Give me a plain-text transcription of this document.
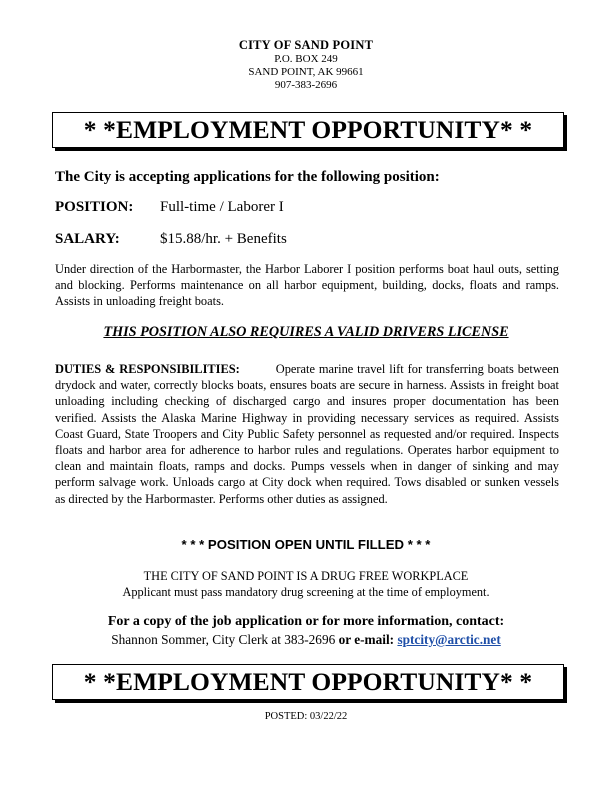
CITY OF SAND POINT
P.O. BOX 249
SAND POINT, AK 99661
907-383-2696
* *EMPLOYMENT OPPORTUNITY* *
The City is accepting applications for the following position:
POSITION: Full-time / Laborer I
SALARY:	$15.88/hr. + Benefits
Under direction of the Harbormaster, the Harbor Laborer I position performs boat haul outs, setting and blocking. Performs maintenance on all harbor equipment, building, docks, floats and ramps. Assists in unloading freight boats.
THIS POSITION ALSO REQUIRES A VALID DRIVERS LICENSE
DUTIES & RESPONSIBILITIES:	Operate marine travel lift for transferring boats between drydock and water, correctly blocks boats, ensures boats are secure in harness. Assists in freight boat unloading including checking of discharged cargo and insures proper documentation has been verified. Assists the Alaska Marine Highway in providing necessary services as required. Assists Coast Guard, State Troopers and City Public Safety personnel as requested and/or required. Inspects floats and harbor area for adherence to harbor rules and regulations. Operates harbor equipment to clean and maintain floats, ramps and docks. Pumps vessels when in danger of sinking and may perform salvage work. Unloads cargo at City dock when required. Tows disabled or sunken vessels as directed by the Harbormaster. Performs other duties as assigned.
* * * POSITION OPEN UNTIL FILLED * * *
THE CITY OF SAND POINT IS A DRUG FREE WORKPLACE
Applicant must pass mandatory drug screening at the time of employment.
For a copy of the job application or for more information, contact:
Shannon Sommer, City Clerk at 383-2696 or e-mail: sptcity@arctic.net
* *EMPLOYMENT OPPORTUNITY* *
POSTED: 03/22/22
